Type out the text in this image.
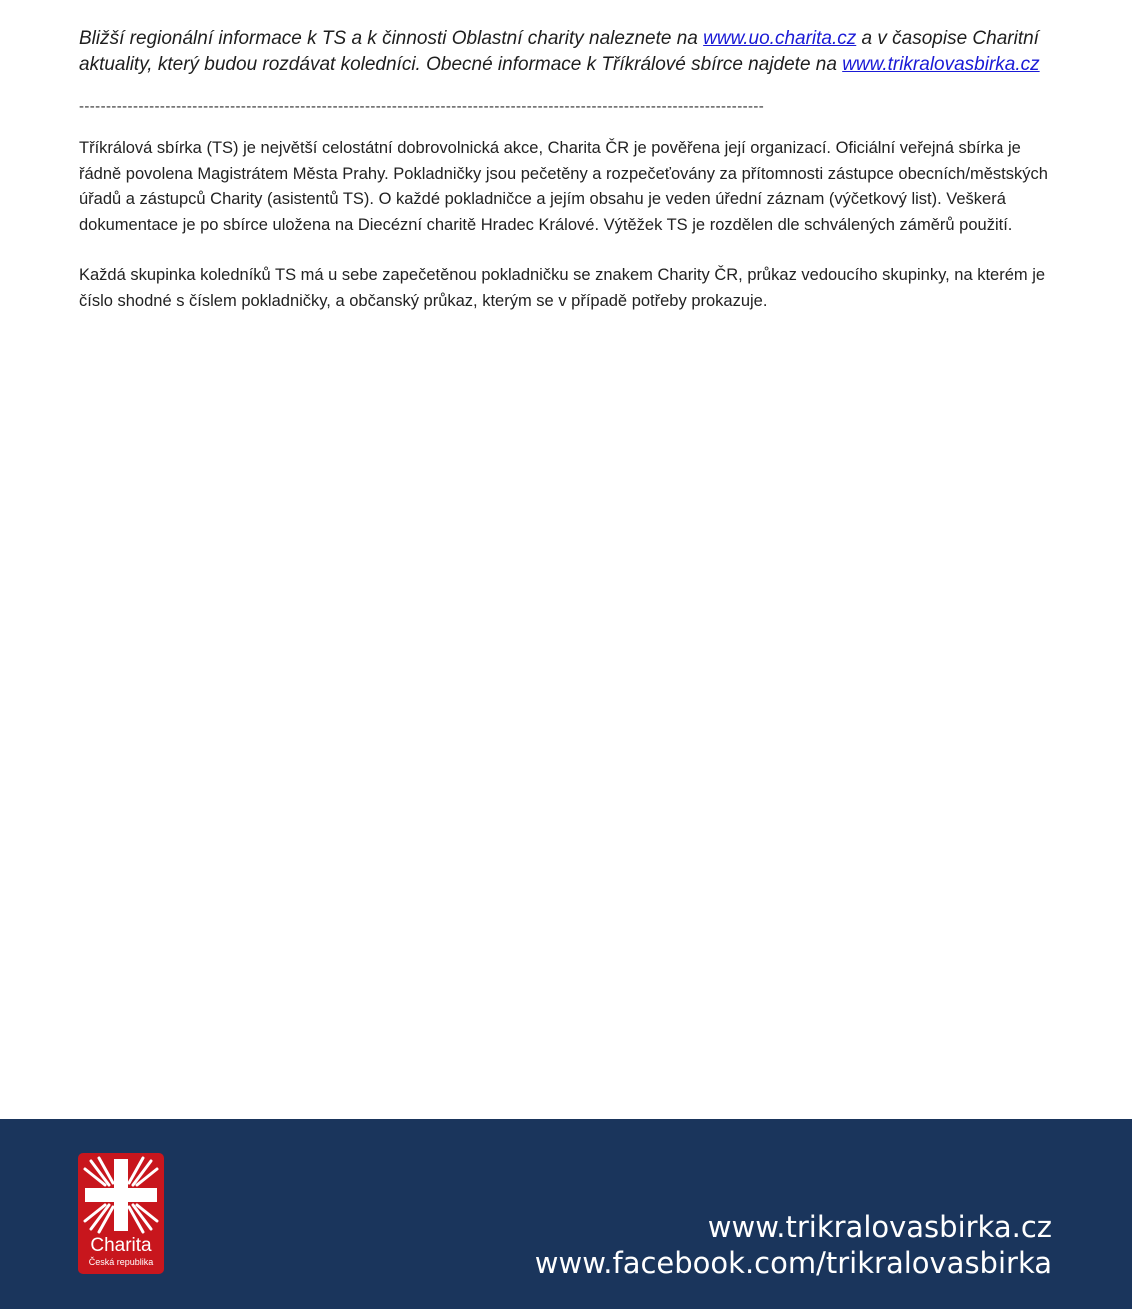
Bližší regionální informace k TS a k činnosti Oblastní charity naleznete na www.uo.charita.cz a v časopise Charitní aktuality, který budou rozdávat koledníci. Obecné informace k Tříkrálové sbírce najdete na www.trikralovasbirka.cz

-------------------------------------------------------------------------------------------------------------------------------

Tříkrálová sbírka (TS) je největší celostátní dobrovolnická akce, Charita ČR je pověřena její organizací. Oficiální veřejná sbírka je řádně povolena Magistrátem Města Prahy. Pokladničky jsou pečetěny a rozpečeťovány za přítomnosti zástupce obecních/městských úřadů a zástupců Charity (asistentů TS). O každé pokladničce a jejím obsahu je veden úřední záznam (výčetkový list). Veškerá dokumentace je po sbírce uložena na Diecézní charitě Hradec Králové. Výtěžek TS je rozdělen dle schválených záměrů použití.

Každá skupinka koledníků TS má u sebe zapečetěnou pokladničku se znakem Charity ČR, průkaz vedoucího skupinky, na kterém je číslo shodné s číslem pokladničky, a občanský průkaz, kterým se v případě potřeby prokazuje.

Charita
Česká republika
www.trikralovasbirka.cz
www.facebook.com/trikralovasbirka
